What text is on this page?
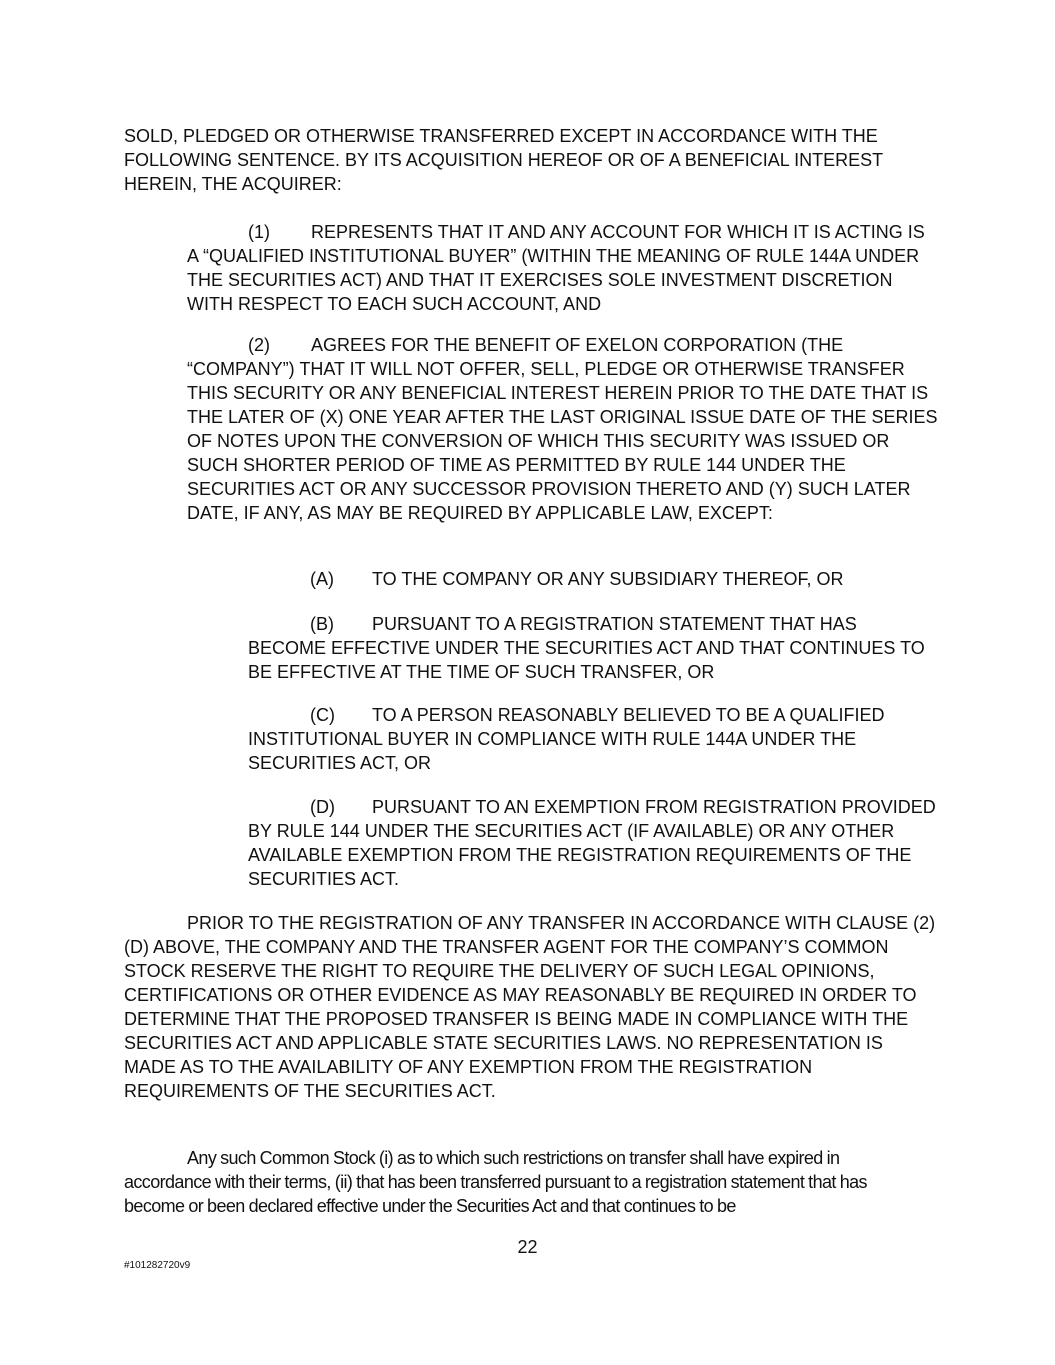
SOLD, PLEDGED OR OTHERWISE TRANSFERRED EXCEPT IN ACCORDANCE WITH THE FOLLOWING SENTENCE. BY ITS ACQUISITION HEREOF OR OF A BENEFICIAL INTEREST HEREIN, THE ACQUIRER:

(1) REPRESENTS THAT IT AND ANY ACCOUNT FOR WHICH IT IS ACTING IS A “QUALIFIED INSTITUTIONAL BUYER” (WITHIN THE MEANING OF RULE 144A UNDER THE SECURITIES ACT) AND THAT IT EXERCISES SOLE INVESTMENT DISCRETION WITH RESPECT TO EACH SUCH ACCOUNT, AND

(2) AGREES FOR THE BENEFIT OF EXELON CORPORATION (THE “COMPANY”) THAT IT WILL NOT OFFER, SELL, PLEDGE OR OTHERWISE TRANSFER THIS SECURITY OR ANY BENEFICIAL INTEREST HEREIN PRIOR TO THE DATE THAT IS THE LATER OF (X) ONE YEAR AFTER THE LAST ORIGINAL ISSUE DATE OF THE SERIES OF NOTES UPON THE CONVERSION OF WHICH THIS SECURITY WAS ISSUED OR SUCH SHORTER PERIOD OF TIME AS PERMITTED BY RULE 144 UNDER THE SECURITIES ACT OR ANY SUCCESSOR PROVISION THERETO AND (Y) SUCH LATER DATE, IF ANY, AS MAY BE REQUIRED BY APPLICABLE LAW, EXCEPT:

(A) TO THE COMPANY OR ANY SUBSIDIARY THEREOF, OR

(B) PURSUANT TO A REGISTRATION STATEMENT THAT HAS BECOME EFFECTIVE UNDER THE SECURITIES ACT AND THAT CONTINUES TO BE EFFECTIVE AT THE TIME OF SUCH TRANSFER, OR

(C) TO A PERSON REASONABLY BELIEVED TO BE A QUALIFIED INSTITUTIONAL BUYER IN COMPLIANCE WITH RULE 144A UNDER THE SECURITIES ACT, OR

(D) PURSUANT TO AN EXEMPTION FROM REGISTRATION PROVIDED BY RULE 144 UNDER THE SECURITIES ACT (IF AVAILABLE) OR ANY OTHER AVAILABLE EXEMPTION FROM THE REGISTRATION REQUIREMENTS OF THE SECURITIES ACT.

PRIOR TO THE REGISTRATION OF ANY TRANSFER IN ACCORDANCE WITH CLAUSE (2)(D) ABOVE, THE COMPANY AND THE TRANSFER AGENT FOR THE COMPANY’S COMMON STOCK RESERVE THE RIGHT TO REQUIRE THE DELIVERY OF SUCH LEGAL OPINIONS, CERTIFICATIONS OR OTHER EVIDENCE AS MAY REASONABLY BE REQUIRED IN ORDER TO DETERMINE THAT THE PROPOSED TRANSFER IS BEING MADE IN COMPLIANCE WITH THE SECURITIES ACT AND APPLICABLE STATE SECURITIES LAWS. NO REPRESENTATION IS MADE AS TO THE AVAILABILITY OF ANY EXEMPTION FROM THE REGISTRATION REQUIREMENTS OF THE SECURITIES ACT.

Any such Common Stock (i) as to which such restrictions on transfer shall have expired in accordance with their terms, (ii) that has been transferred pursuant to a registration statement that has become or been declared effective under the Securities Act and that continues to be

22
#101282720v9
